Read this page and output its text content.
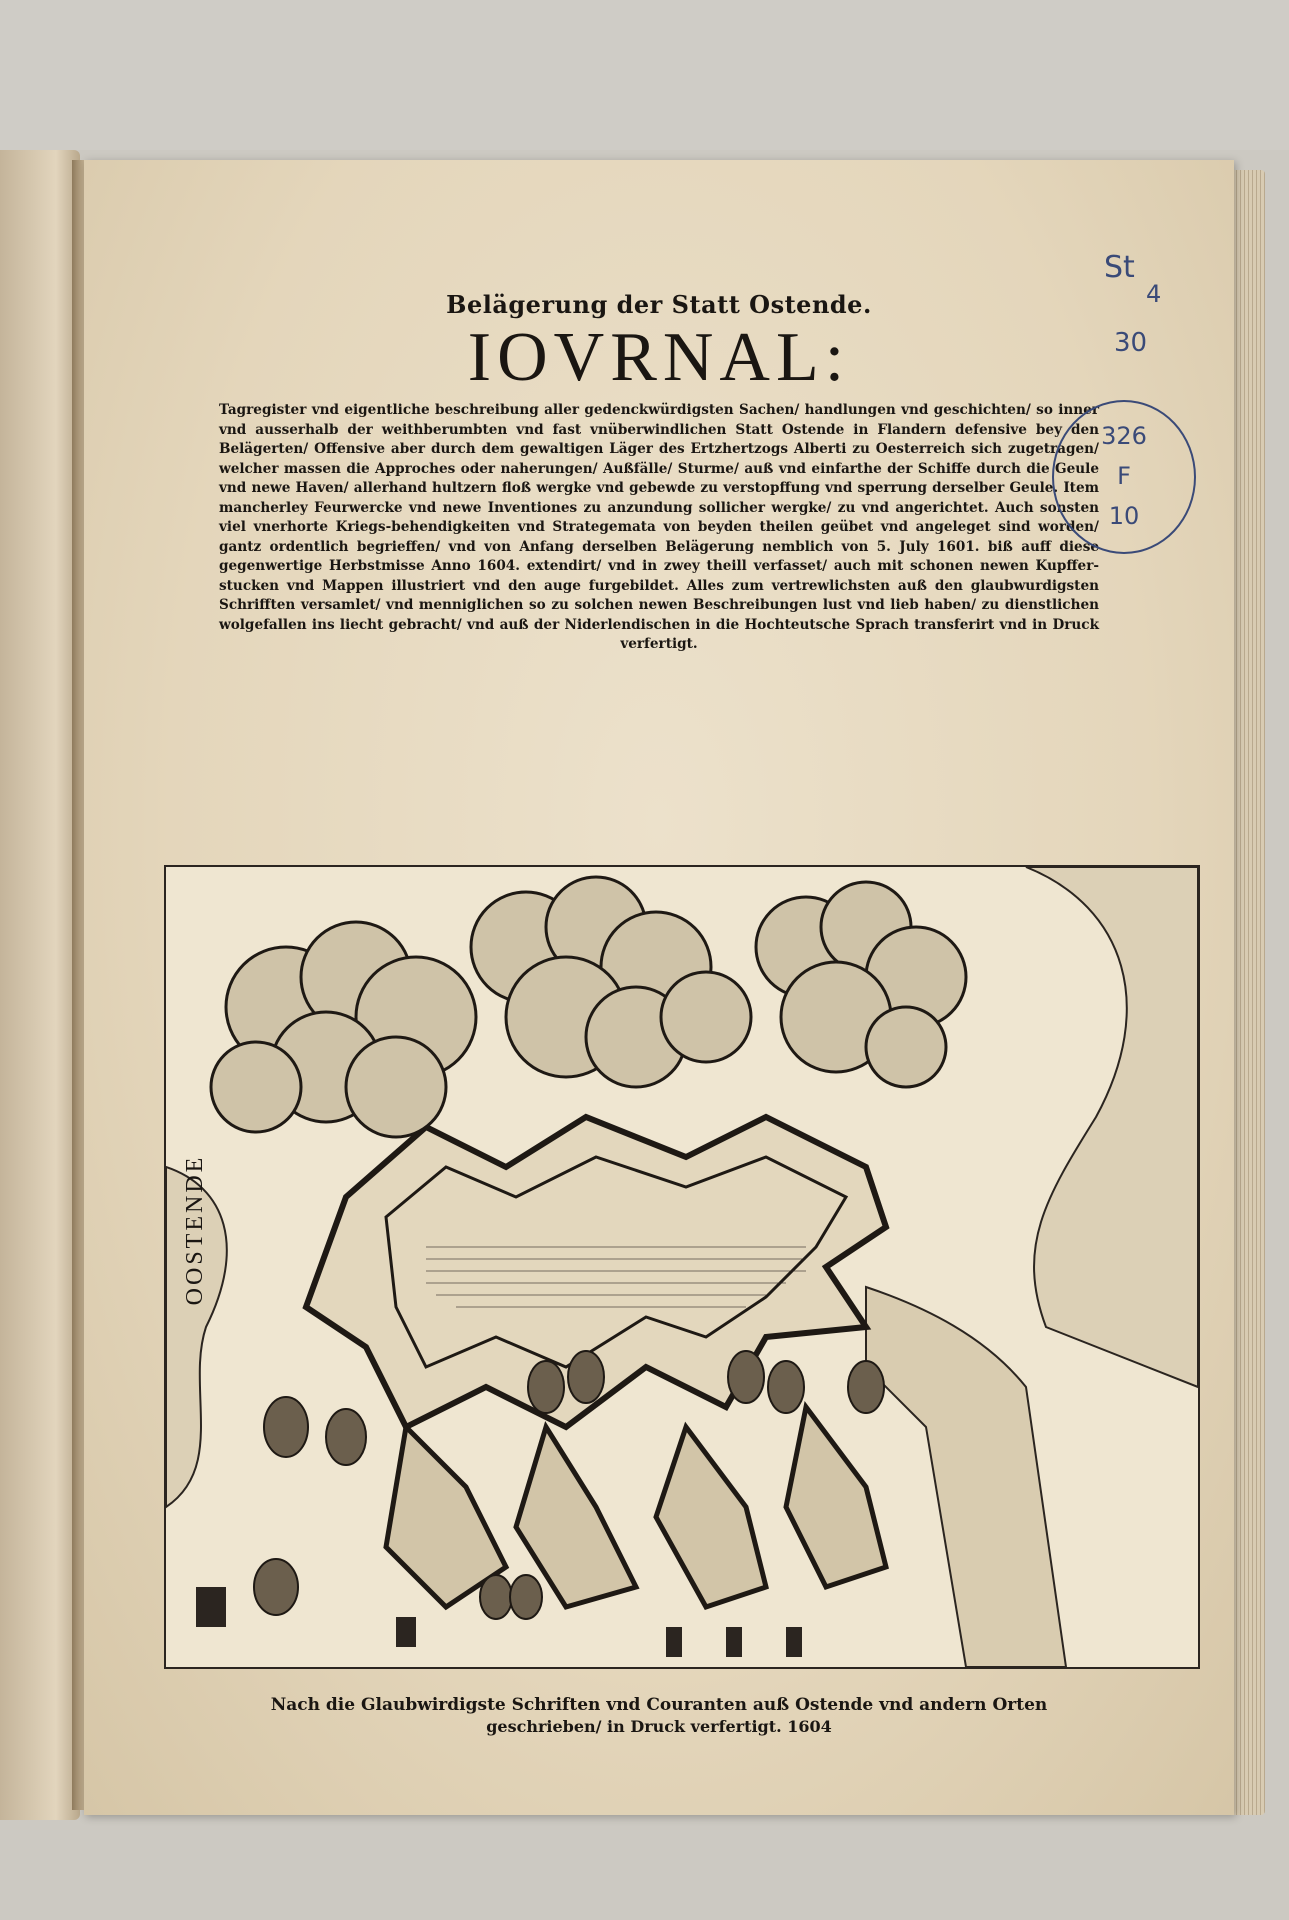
Belägerung der Statt Ostende.
IOVRNAL:
Tagregister vnd eigentliche beschreibung aller gedenckwürdigsten Sachen/ handlungen vnd geschichten/ so inner vnd ausserhalb der weithberumbten vnd fast vnüberwindlichen Statt Ostende in Flandern defensive bey den Belägerten/ Offensive aber durch dem gewaltigen Läger des Ertzhertzogs Alberti zu Oesterreich sich zugetragen/ welcher massen die Approches oder naherungen/ Außfälle/ Sturme/ auß vnd einfarthe der Schiffe durch die Geule vnd newe Haven/ allerhand hultzern floß wergke vnd gebewde zu verstopffung vnd sperrung derselber Geule. Item mancherley Feurwercke vnd newe Inventiones zu anzundung sollicher wergke/ zu vnd angerichtet. Auch sonsten viel vnerhorte Kriegs-behendigkeiten vnd Strategemata von beyden theilen geübet vnd angeleget sind worden/ gantz ordentlich begrieffen/ vnd von Anfang derselben Belägerung nemblich von 5. July 1601. biß auff diese gegenwertige Herbstmisse Anno 1604. extendirt/ vnd in zwey theill verfasset/ auch mit schonen newen Kupffer-stucken vnd Mappen illustriert vnd den auge furgebildet. Alles zum vertrewlichsten auß den glaubwurdigsten Schrifften versamlet/ vnd menniglichen so zu solchen newen Beschreibungen lust vnd lieb haben/ zu dienstlichen wolgefallen ins liecht gebracht/ vnd auß der Niderlendischen in die Hochteutsche Sprach transferirt vnd in Druck verfertigt.
St
4
30
326
F
10
OOSTENDE
Nach die Glaubwirdigste Schriften vnd Couranten auß Ostende vnd andern Orten
geschrieben/ in Druck verfertigt. 1604
